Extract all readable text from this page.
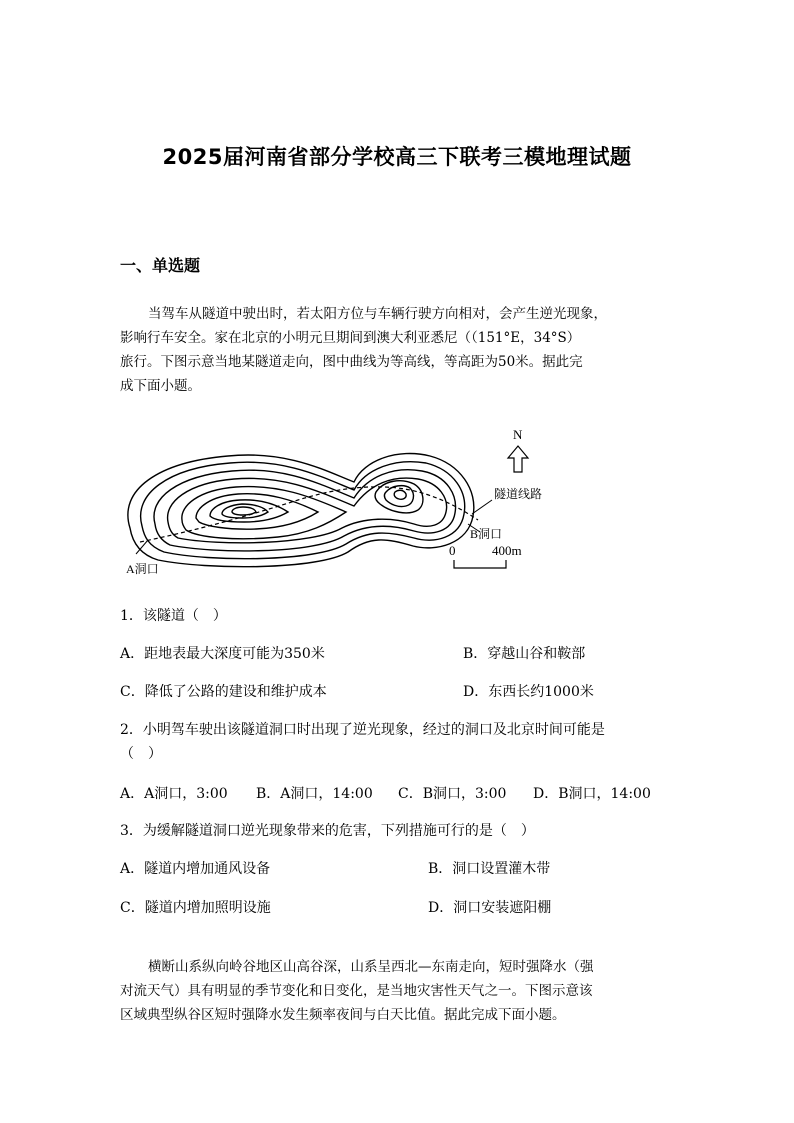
2025届河南省部分学校高三下联考三模地理试题
一、单选题
当驾车从隧道中驶出时，若太阳方位与车辆行驶方向相对，会产生逆光现象，
影响行车安全。家在北京的小明元旦期间到澳大利亚悉尼（（151°E，34°S）
旅行。下图示意当地某隧道走向，图中曲线为等高线，等高距为50米。据此完
成下面小题。
N
隧道线路
B洞口
A洞口
0	400m
1．该隧道（　）
A．距地表最大深度可能为350米	B．穿越山谷和鞍部
C．降低了公路的建设和维护成本	D．东西长约1000米
2．小明驾车驶出该隧道洞口时出现了逆光现象，经过的洞口及北京时间可能是
（　）
A．A洞口，3:00 B．A洞口，14:00 C．B洞口，3:00 D．B洞口，14:00
3．为缓解隧道洞口逆光现象带来的危害，下列措施可行的是（　）
A．隧道内增加通风设备	B．洞口设置灌木带
C．隧道内增加照明设施	D．洞口安装遮阳棚
横断山系纵向岭谷地区山高谷深，山系呈西北—东南走向，短时强降水（强
对流天气）具有明显的季节变化和日变化，是当地灾害性天气之一。下图示意该
区域典型纵谷区短时强降水发生频率夜间与白天比值。据此完成下面小题。
